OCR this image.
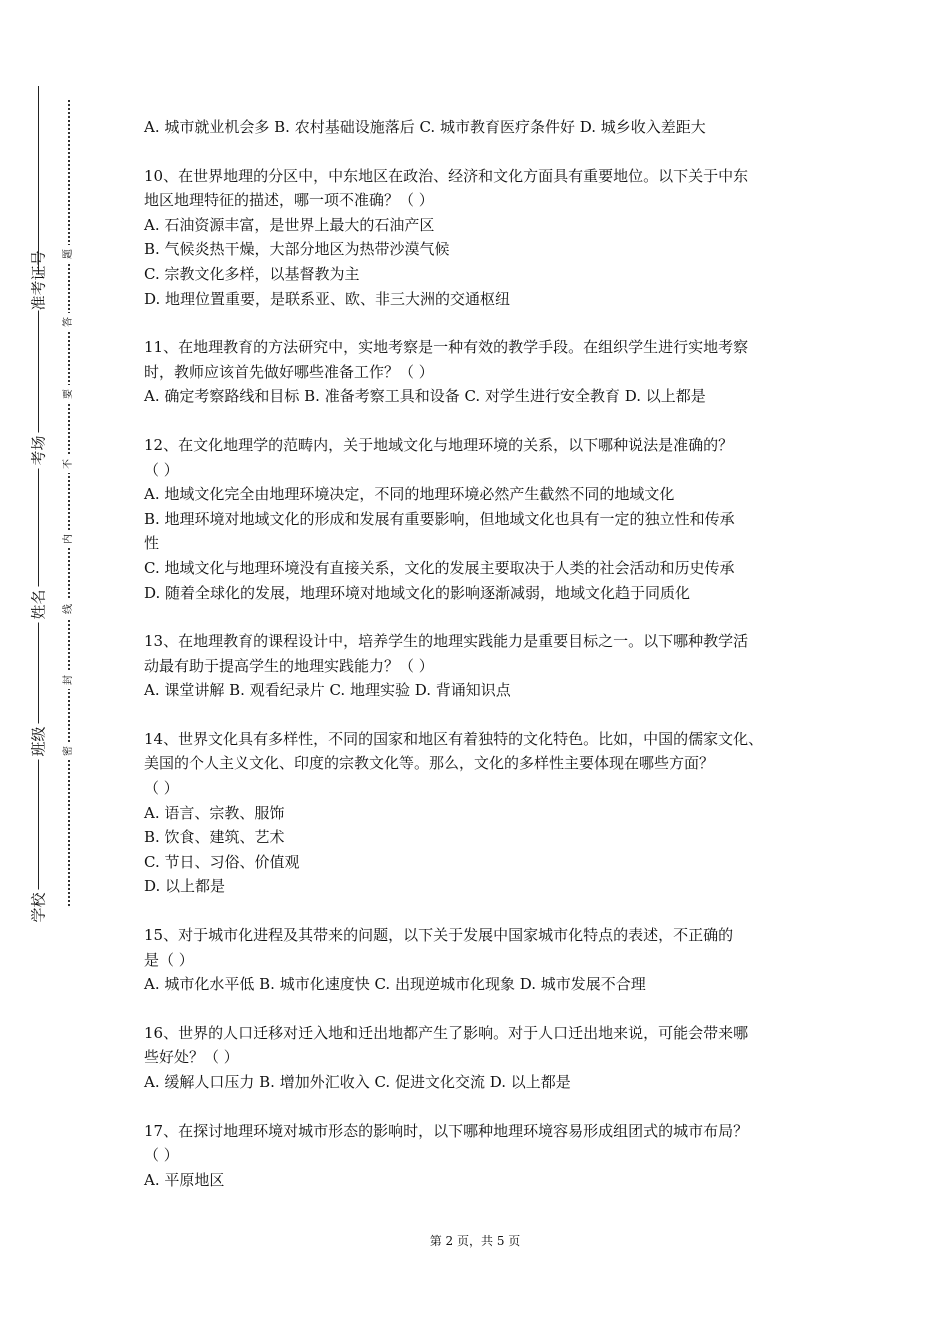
准考证号
考场
姓名
班级
学校
题
答
要
不
内
线
封
密

A. 城市就业机会多 B. 农村基础设施落后 C. 城市教育医疗条件好 D. 城乡收入差距大

10、在世界地理的分区中，中东地区在政治、经济和文化方面具有重要地位。以下关于中东

地区地理特征的描述，哪一项不准确？（ ）

A. 石油资源丰富，是世界上最大的石油产区

B. 气候炎热干燥，大部分地区为热带沙漠气候

C. 宗教文化多样，以基督教为主

D. 地理位置重要，是联系亚、欧、非三大洲的交通枢纽

11、在地理教育的方法研究中，实地考察是一种有效的教学手段。在组织学生进行实地考察

时，教师应该首先做好哪些准备工作？（ ）

A. 确定考察路线和目标 B. 准备考察工具和设备 C. 对学生进行安全教育 D. 以上都是

12、在文化地理学的范畴内，关于地域文化与地理环境的关系，以下哪种说法是准确的？

（ ）

A. 地域文化完全由地理环境决定，不同的地理环境必然产生截然不同的地域文化

B. 地理环境对地域文化的形成和发展有重要影响，但地域文化也具有一定的独立性和传承

性

C. 地域文化与地理环境没有直接关系，文化的发展主要取决于人类的社会活动和历史传承

D. 随着全球化的发展，地理环境对地域文化的影响逐渐减弱，地域文化趋于同质化

13、在地理教育的课程设计中，培养学生的地理实践能力是重要目标之一。以下哪种教学活

动最有助于提高学生的地理实践能力？（ ）

A. 课堂讲解 B. 观看纪录片 C. 地理实验 D. 背诵知识点

14、世界文化具有多样性，不同的国家和地区有着独特的文化特色。比如，中国的儒家文化、

美国的个人主义文化、印度的宗教文化等。那么，文化的多样性主要体现在哪些方面？

（ ）

A. 语言、宗教、服饰

B. 饮食、建筑、艺术

C. 节日、习俗、价值观

D. 以上都是

15、对于城市化进程及其带来的问题，以下关于发展中国家城市化特点的表述，不正确的

是（ ）

A. 城市化水平低 B. 城市化速度快 C. 出现逆城市化现象 D. 城市发展不合理

16、世界的人口迁移对迁入地和迁出地都产生了影响。对于人口迁出地来说，可能会带来哪

些好处？（ ）

A. 缓解人口压力 B. 增加外汇收入 C. 促进文化交流 D. 以上都是

17、在探讨地理环境对城市形态的影响时，以下哪种地理环境容易形成组团式的城市布局？

（ ）

A. 平原地区

第 2 页，共 5 页
